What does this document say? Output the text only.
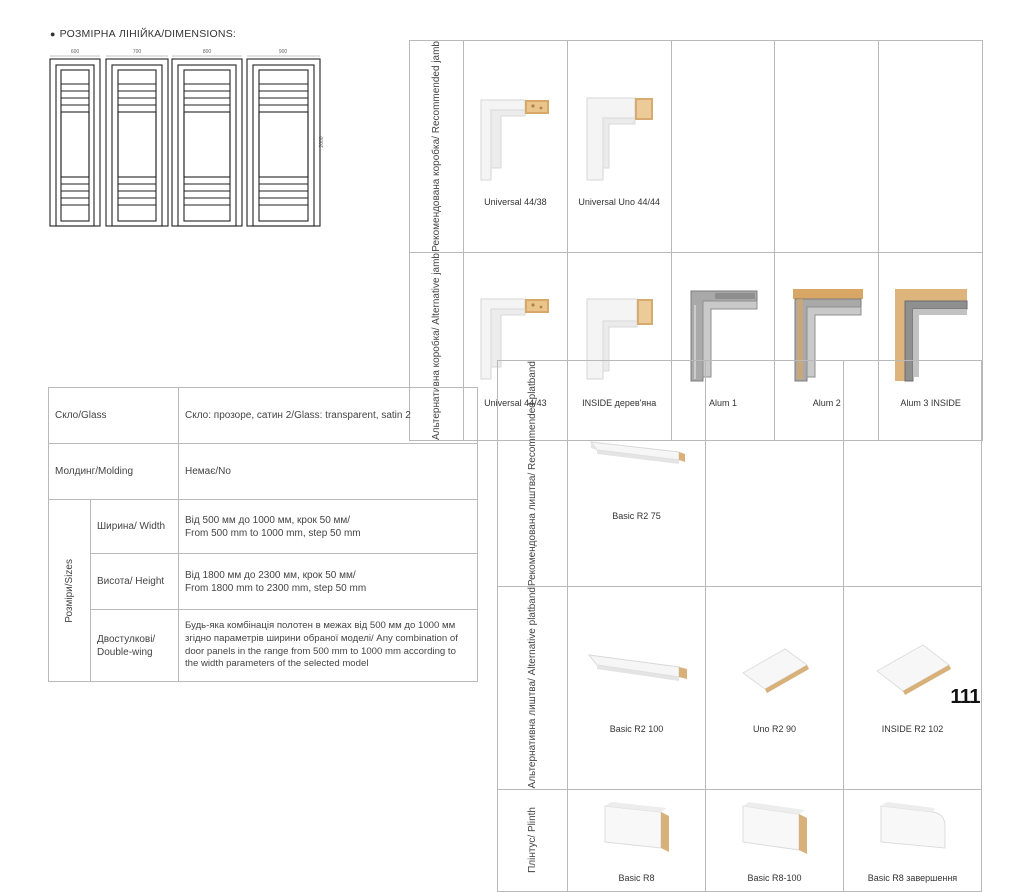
● РОЗМІРНА ЛІНІЙКА/DIMENSIONS:
600	700	800	900
2000	Рекомендована коробка/ Recommended jamb	Universal 44/38	Universal Uno 44/44			

Альтернативна коробка/ Alternative jamb	Universal 44/43	INSIDE дерев'яна	Alum 1	Alum 2	Alum 3 INSIDE
Скло/Glass		Скло: прозоре, сатин 2/Glass: transparent, satin 2
Молдинг/Molding		Немає/No

Розміри/Sizes	Ширина/ Width	Від 500 мм до 1000 мм, крок 50 мм/
From 500 mm to 1000 mm, step 50 mm

	Висота/ Height	Від 1800 мм до 2300 мм, крок 50 мм/
From 1800 mm to 2300 mm, step 50 mm

	Двостулкові/ Double-wing	Будь-яка комбінація полотен в межах від 500 мм до 1000 мм згідно параметрів ширини обраної моделі/ Any combination of door panels in the range from 500 mm to 1000 mm according to the width parameters of the selected model
Рекомендована лиштва/ Recommended platband	Basic R2 75		

Альтернативна лиштва/ Alternative platband	Basic R2 100	Uno R2 90	INSIDE R2 102

Плінтус/ Plinth	Basic R8	Basic R8-100	Basic R8 завершення
111
